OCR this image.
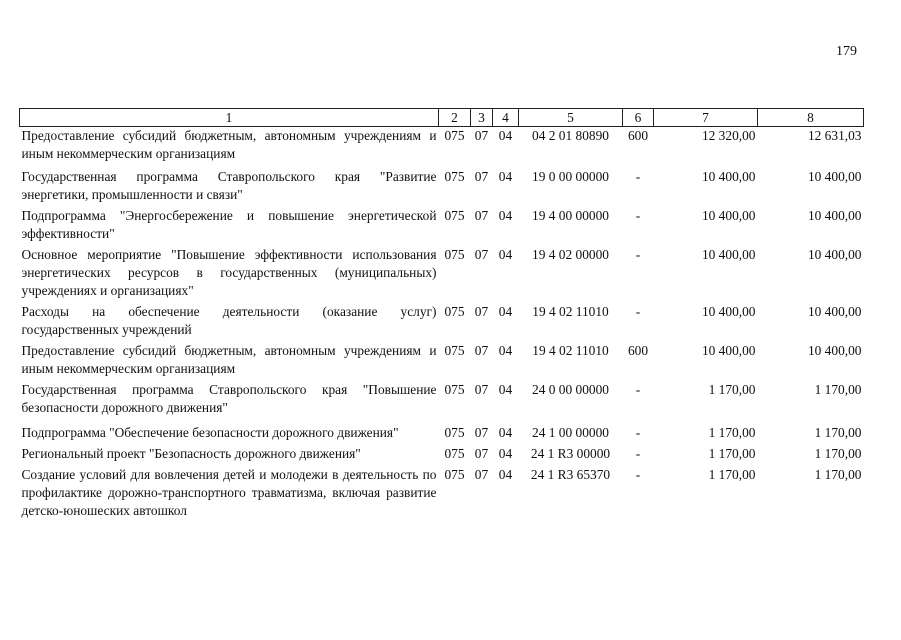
179
1	2	3	4	5	6	7	8
Предоставление субсидий бюджетным, автономным учреждениям и иным некоммерческим организациям	075	07	04	04 2 01 80890	600	12 320,00	12 631,03
Государственная программа Ставропольского края "Развитие энергетики, промышленности и связи"	075	07	04	19 0 00 00000	-	10 400,00	10 400,00
Подпрограмма "Энергосбережение и повышение энергетической эффективности"	075	07	04	19 4 00 00000	-	10 400,00	10 400,00
Основное мероприятие "Повышение эффективности использования энергетических ресурсов в государственных (муниципальных) учреждениях и организациях"	075	07	04	19 4 02 00000	-	10 400,00	10 400,00
Расходы на обеспечение деятельности (оказание услуг) государственных учреждений	075	07	04	19 4 02 11010	-	10 400,00	10 400,00
Предоставление субсидий бюджетным, автономным учреждениям и иным некоммерческим организациям	075	07	04	19 4 02 11010	600	10 400,00	10 400,00
Государственная программа Ставропольского края "Повышение безопасности дорожного движения"	075	07	04	24 0 00 00000	-	1 170,00	1 170,00
Подпрограмма "Обеспечение безопасности дорожного движения"	075	07	04	24 1 00 00000	-	1 170,00	1 170,00
Региональный проект "Безопасность дорожного движения"	075	07	04	24 1 R3 00000	-	1 170,00	1 170,00
Создание условий для вовлечения детей и молодежи в деятельность по профилактике дорожно-транспортного травматизма, включая развитие детско-юношеских автошкол	075	07	04	24 1 R3 65370	-	1 170,00	1 170,00
